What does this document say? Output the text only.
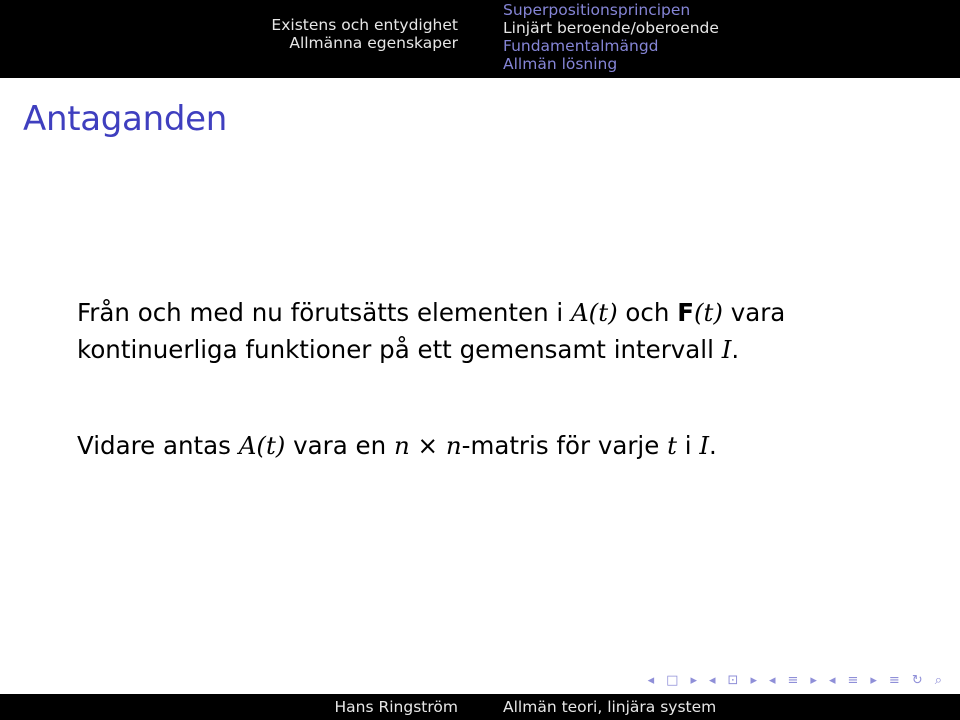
Existens och entydighet
Allmänna egenskaper
Superpositionsprincipen
Linjärt beroende/oberoende
Fundamentalmängd
Allmän lösning
Antaganden
Från och med nu förutsätts elementen i A(t) och F(t) vara
kontinuerliga funktioner på ett gemensamt intervall I.
Vidare antas A(t) vara en n × n-matris för varje t i I.
◂ □ ▸ ◂ ⊡ ▸ ◂ ≡ ▸ ◂ ≡ ▸ ≡ ↻ ⌕
Hans Ringström	Allmän teori, linjära system
